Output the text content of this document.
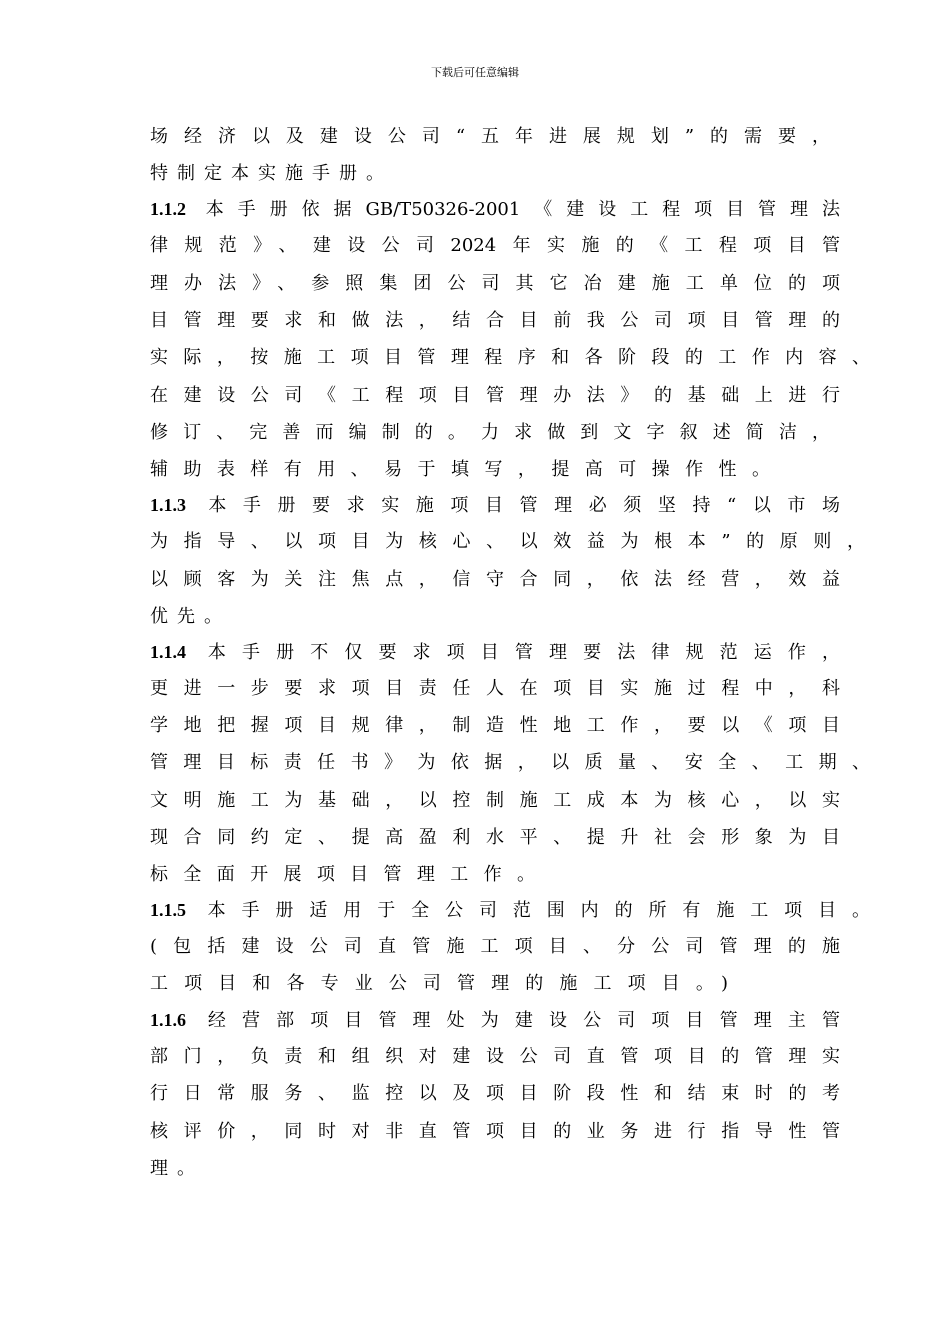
下载后可任意编辑
场经济以及建设公司“五年进展规划”的需要，
特制定本实施手册。
1.1.2 本手册依据GB/T50326-2001《建设工程项目管理法
律规范》、建设公司2024年实施的《工程项目管
理办法》、参照集团公司其它冶建施工单位的项
目管理要求和做法，结合目前我公司项目管理的
实际，按施工项目管理程序和各阶段的工作内容、
在建设公司《工程项目管理办法》的基础上进行
修订、完善而编制的。力求做到文字叙述简洁，
辅助表样有用、易于填写，提高可操作性。
1.1.3 本手册要求实施项目管理必须坚持“以市场
为指导、以项目为核心、以效益为根本”的原则，
以顾客为关注焦点，信守合同，依法经营，效益
优先。
1.1.4 本手册不仅要求项目管理要法律规范运作，
更进一步要求项目责任人在项目实施过程中，科
学地把握项目规律，制造性地工作，要以《项目
管理目标责任书》为依据，以质量、安全、工期、
文明施工为基础，以控制施工成本为核心，以实
现合同约定、提高盈利水平、提升社会形象为目
标全面开展项目管理工作。
1.1.5 本手册适用于全公司范围内的所有施工项目。
(包括建设公司直管施工项目、分公司管理的施
工项目和各专业公司管理的施工项目。)
1.1.6 经营部项目管理处为建设公司项目管理主管
部门，负责和组织对建设公司直管项目的管理实
行日常服务、监控以及项目阶段性和结束时的考
核评价，同时对非直管项目的业务进行指导性管
理。
